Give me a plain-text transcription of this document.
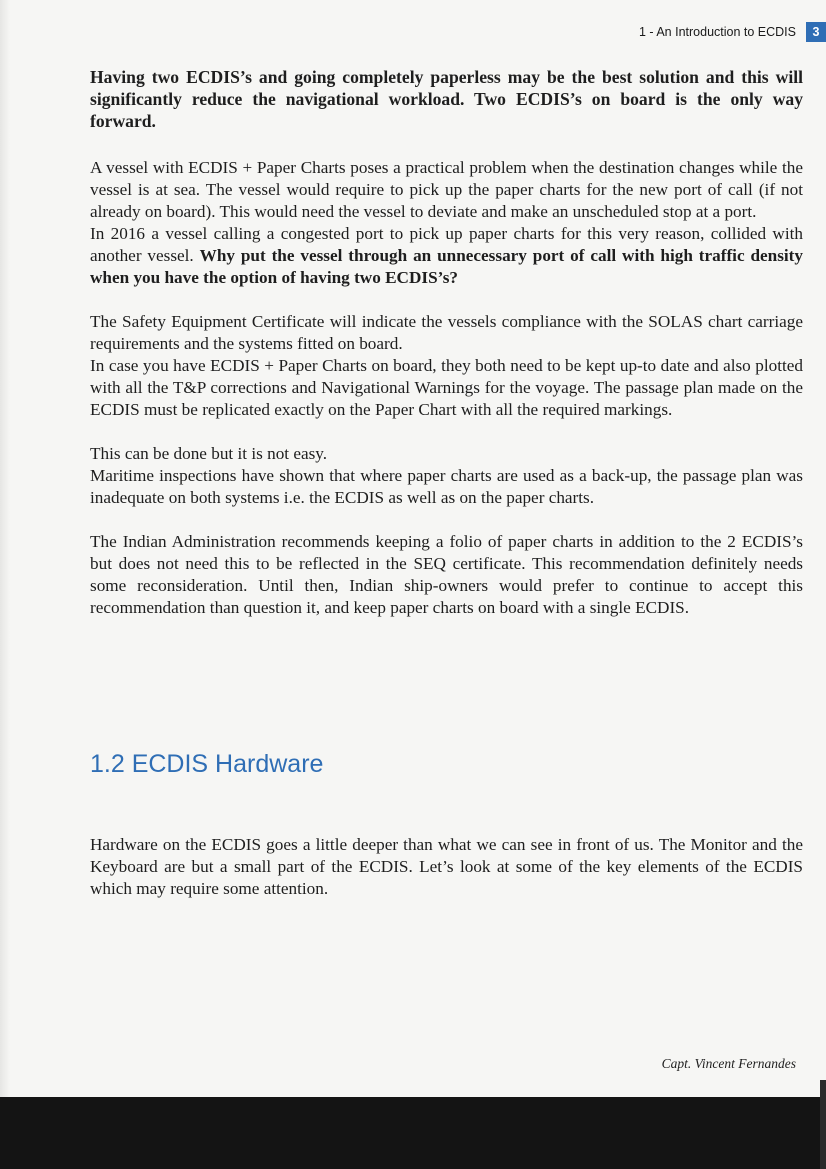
1 - An Introduction to ECDIS	3

Having two ECDIS’s and going completely paperless may be the best solution and this will significantly reduce the navigational workload. Two ECDIS’s on board is the only way forward.

A vessel with ECDIS + Paper Charts poses a practical problem when the destination changes while the vessel is at sea. The vessel would require to pick up the paper charts for the new port of call (if not already on board). This would need the vessel to deviate and make an unscheduled stop at a port.

In 2016 a vessel calling a congested port to pick up paper charts for this very reason, collided with another vessel. Why put the vessel through an unnecessary port of call with high traffic density when you have the option of having two ECDIS’s?

The Safety Equipment Certificate will indicate the vessels compliance with the SOLAS chart carriage requirements and the systems fitted on board.

In case you have ECDIS + Paper Charts on board, they both need to be kept up-to date and also plotted with all the T&P corrections and Navigational Warnings for the voyage. The passage plan made on the ECDIS must be replicated exactly on the Paper Chart with all the required markings.

This can be done but it is not easy.

Maritime inspections have shown that where paper charts are used as a back-up, the passage plan was inadequate on both systems i.e. the ECDIS as well as on the paper charts.

The Indian Administration recommends keeping a folio of paper charts in addition to the 2 ECDIS’s but does not need this to be reflected in the SEQ certificate. This recommendation definitely needs some reconsideration. Until then, Indian ship-owners would prefer to continue to accept this recommendation than question it, and keep paper charts on board with a single ECDIS.

1.2 ECDIS Hardware

Hardware on the ECDIS goes a little deeper than what we can see in front of us. The Monitor and the Keyboard are but a small part of the ECDIS. Let’s look at some of the key elements of the ECDIS which may require some attention.

Capt. Vincent Fernandes
